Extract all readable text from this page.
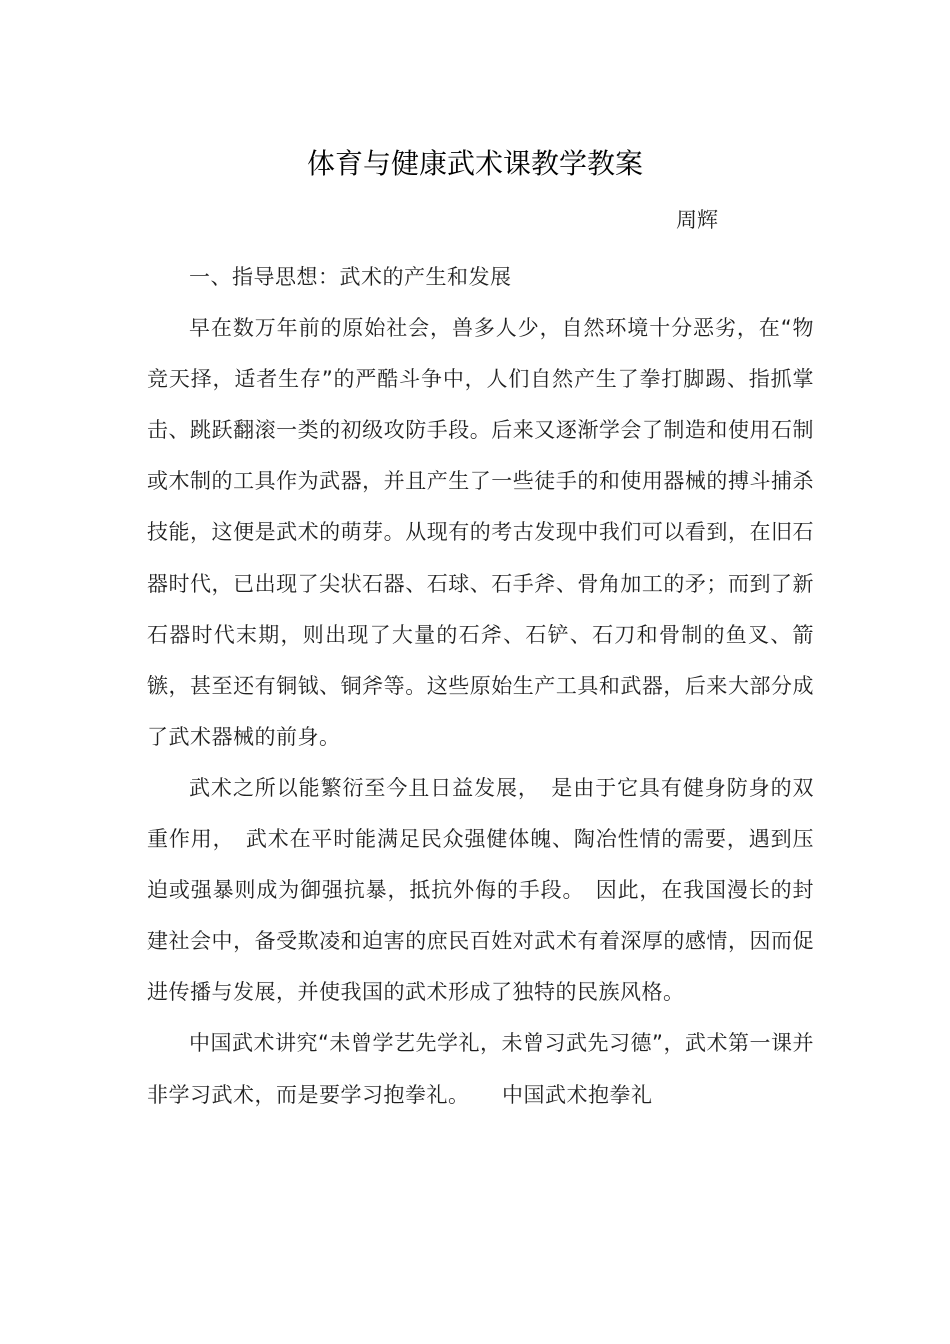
体育与健康武术课教学教案
周辉

一、指导思想：武术的产生和发展

早在数万年前的原始社会，兽多人少，自然环境十分恶劣，在“物竞天择，适者生存”的严酷斗争中，人们自然产生了拳打脚踢、指抓掌击、跳跃翻滚一类的初级攻防手段。后来又逐渐学会了制造和使用石制或木制的工具作为武器，并且产生了一些徒手的和使用器械的搏斗捕杀技能，这便是武术的萌芽。从现有的考古发现中我们可以看到，在旧石器时代，已出现了尖状石器、石球、石手斧、骨角加工的矛；而到了新石器时代末期，则出现了大量的石斧、石铲、石刀和骨制的鱼叉、箭镞，甚至还有铜钺、铜斧等。这些原始生产工具和武器，后来大部分成了武术器械的前身。

武术之所以能繁衍至今且日益发展，　是由于它具有健身防身的双重作用，　武术在平时能满足民众强健体魄、陶冶性情的需要，遇到压迫或强暴则成为御强抗暴，抵抗外侮的手段。　因此，在我国漫长的封建社会中，备受欺凌和迫害的庶民百姓对武术有着深厚的感情，因而促进传播与发展，并使我国的武术形成了独特的民族风格。

中国武术讲究“未曾学艺先学礼，未曾习武先习德”，武术第一课并非学习武术，而是要学习抱拳礼。　　中国武术抱拳礼
